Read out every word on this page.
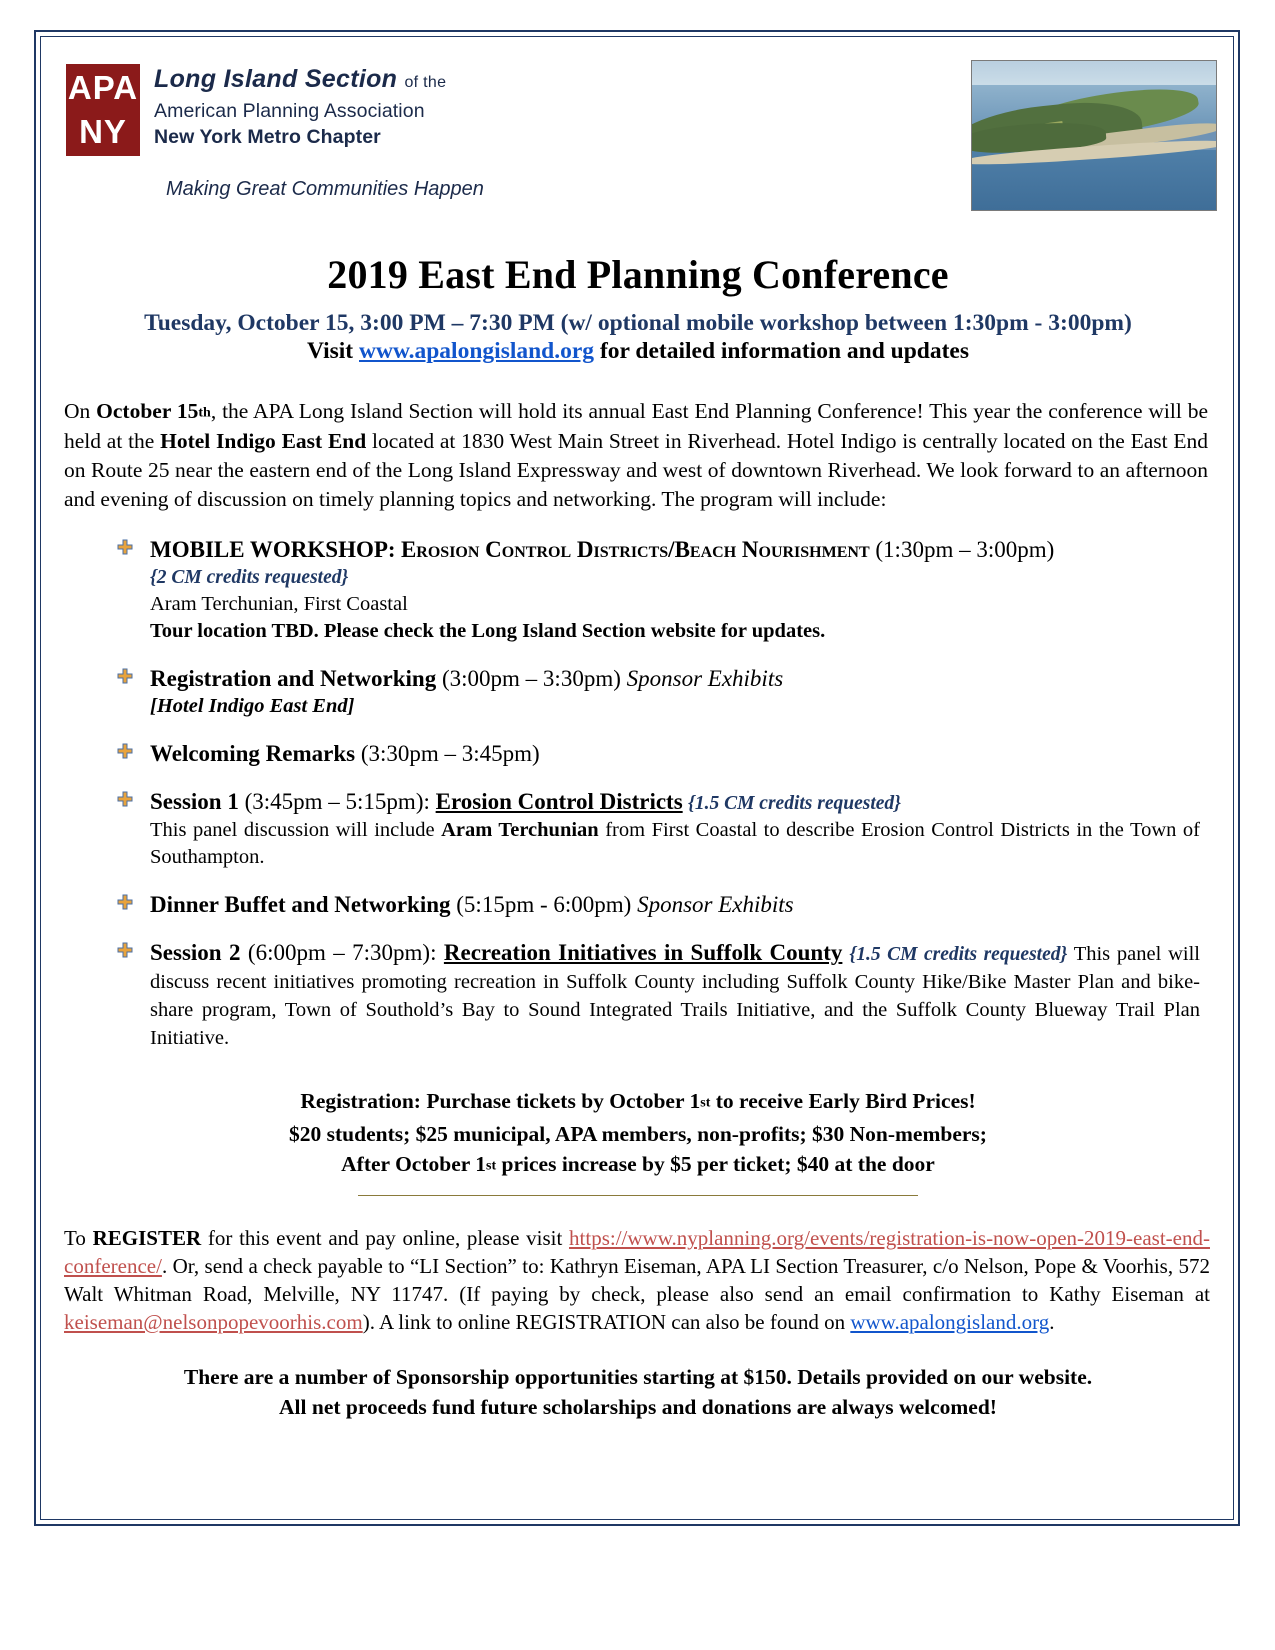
APA
NY
Long Island Section of the
American Planning Association
New York Metro Chapter
Making Great Communities Happen
2019 East End Planning Conference
Tuesday, October 15, 3:00 PM – 7:30 PM (w/ optional mobile workshop between 1:30pm - 3:00pm)
Visit www.apalongisland.org for detailed information and updates
On October 15th, the APA Long Island Section will hold its annual East End Planning Conference! This year the conference will be held at the Hotel Indigo East End located at 1830 West Main Street in Riverhead. Hotel Indigo is centrally located on the East End on Route 25 near the eastern end of the Long Island Expressway and west of downtown Riverhead. We look forward to an afternoon and evening of discussion on timely planning topics and networking. The program will include:
MOBILE WORKSHOP: Erosion Control Districts/Beach Nourishment (1:30pm – 3:00pm)
{2 CM credits requested}
Aram Terchunian, First Coastal
Tour location TBD. Please check the Long Island Section website for updates.
Registration and Networking (3:00pm – 3:30pm) Sponsor Exhibits
[Hotel Indigo East End]
Welcoming Remarks (3:30pm – 3:45pm)
Session 1 (3:45pm – 5:15pm): Erosion Control Districts {1.5 CM credits requested}
This panel discussion will include Aram Terchunian from First Coastal to describe Erosion Control Districts in the Town of Southampton.
Dinner Buffet and Networking (5:15pm - 6:00pm) Sponsor Exhibits
Session 2 (6:00pm – 7:30pm): Recreation Initiatives in Suffolk County {1.5 CM credits requested} This panel will discuss recent initiatives promoting recreation in Suffolk County including Suffolk County Hike/Bike Master Plan and bike-share program, Town of Southold’s Bay to Sound Integrated Trails Initiative, and the Suffolk County Blueway Trail Plan Initiative.
Registration: Purchase tickets by October 1st to receive Early Bird Prices!
$20 students; $25 municipal, APA members, non-profits; $30 Non-members;
After October 1st prices increase by $5 per ticket; $40 at the door
To REGISTER for this event and pay online, please visit https://www.nyplanning.org/events/registration-is-now-open-2019-east-end-conference/. Or, send a check payable to “LI Section” to: Kathryn Eiseman, APA LI Section Treasurer, c/o Nelson, Pope & Voorhis, 572 Walt Whitman Road, Melville, NY 11747. (If paying by check, please also send an email confirmation to Kathy Eiseman at keiseman@nelsonpopevoorhis.com). A link to online REGISTRATION can also be found on www.apalongisland.org.
There are a number of Sponsorship opportunities starting at $150. Details provided on our website.
All net proceeds fund future scholarships and donations are always welcomed!
